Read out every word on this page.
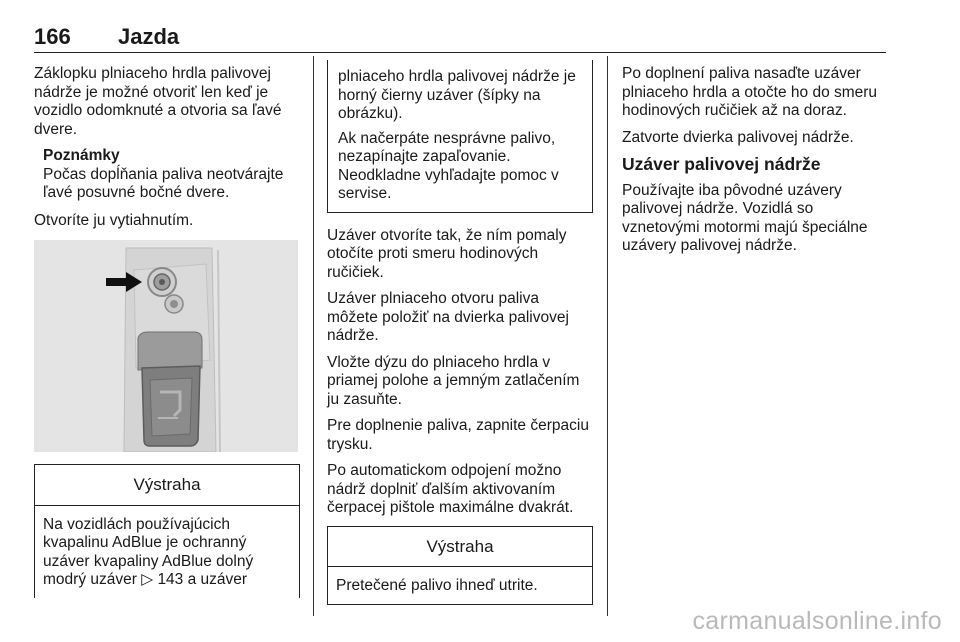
166 Jazda

Záklopku plniaceho hrdla palivovej nádrže je možné otvoriť len keď je vozidlo odomknuté a otvoria sa ľavé dvere.

Poznámky
Počas dopĺňania paliva neotvárajte ľavé posuvné bočné dvere.

Otvoríte ju vytiahnutím.

Výstraha
Na vozidlách používajúcich kvapalinu AdBlue je ochranný uzáver kvapaliny AdBlue dolný modrý uzáver ▷ 143 a uzáver

plniaceho hrdla palivovej nádrže je horný čierny uzáver (šípky na obrázku).

Ak načerpáte nesprávne palivo, nezapínajte zapaľovanie. Neodkladne vyhľadajte pomoc v servise.

Uzáver otvoríte tak, že ním pomaly otočíte proti smeru hodinových ručičiek.

Uzáver plniaceho otvoru paliva môžete položiť na dvierka palivovej nádrže.

Vložte dýzu do plniaceho hrdla v priamej polohe a jemným zatlačením ju zasuňte.

Pre doplnenie paliva, zapnite čerpaciu trysku.

Po automatickom odpojení možno nádrž doplniť ďalším aktivovaním čerpacej pištole maximálne dvakrát.

Výstraha
Pretečené palivo ihneď utrite.

Po doplnení paliva nasaďte uzáver plniaceho hrdla a otočte ho do smeru hodinových ručičiek až na doraz.

Zatvorte dvierka palivovej nádrže.

Uzáver palivovej nádrže

Používajte iba pôvodné uzávery palivovej nádrže. Vozidlá so vznetovými motormi majú špeciálne uzávery palivovej nádrže.

carmanualsonline.info
